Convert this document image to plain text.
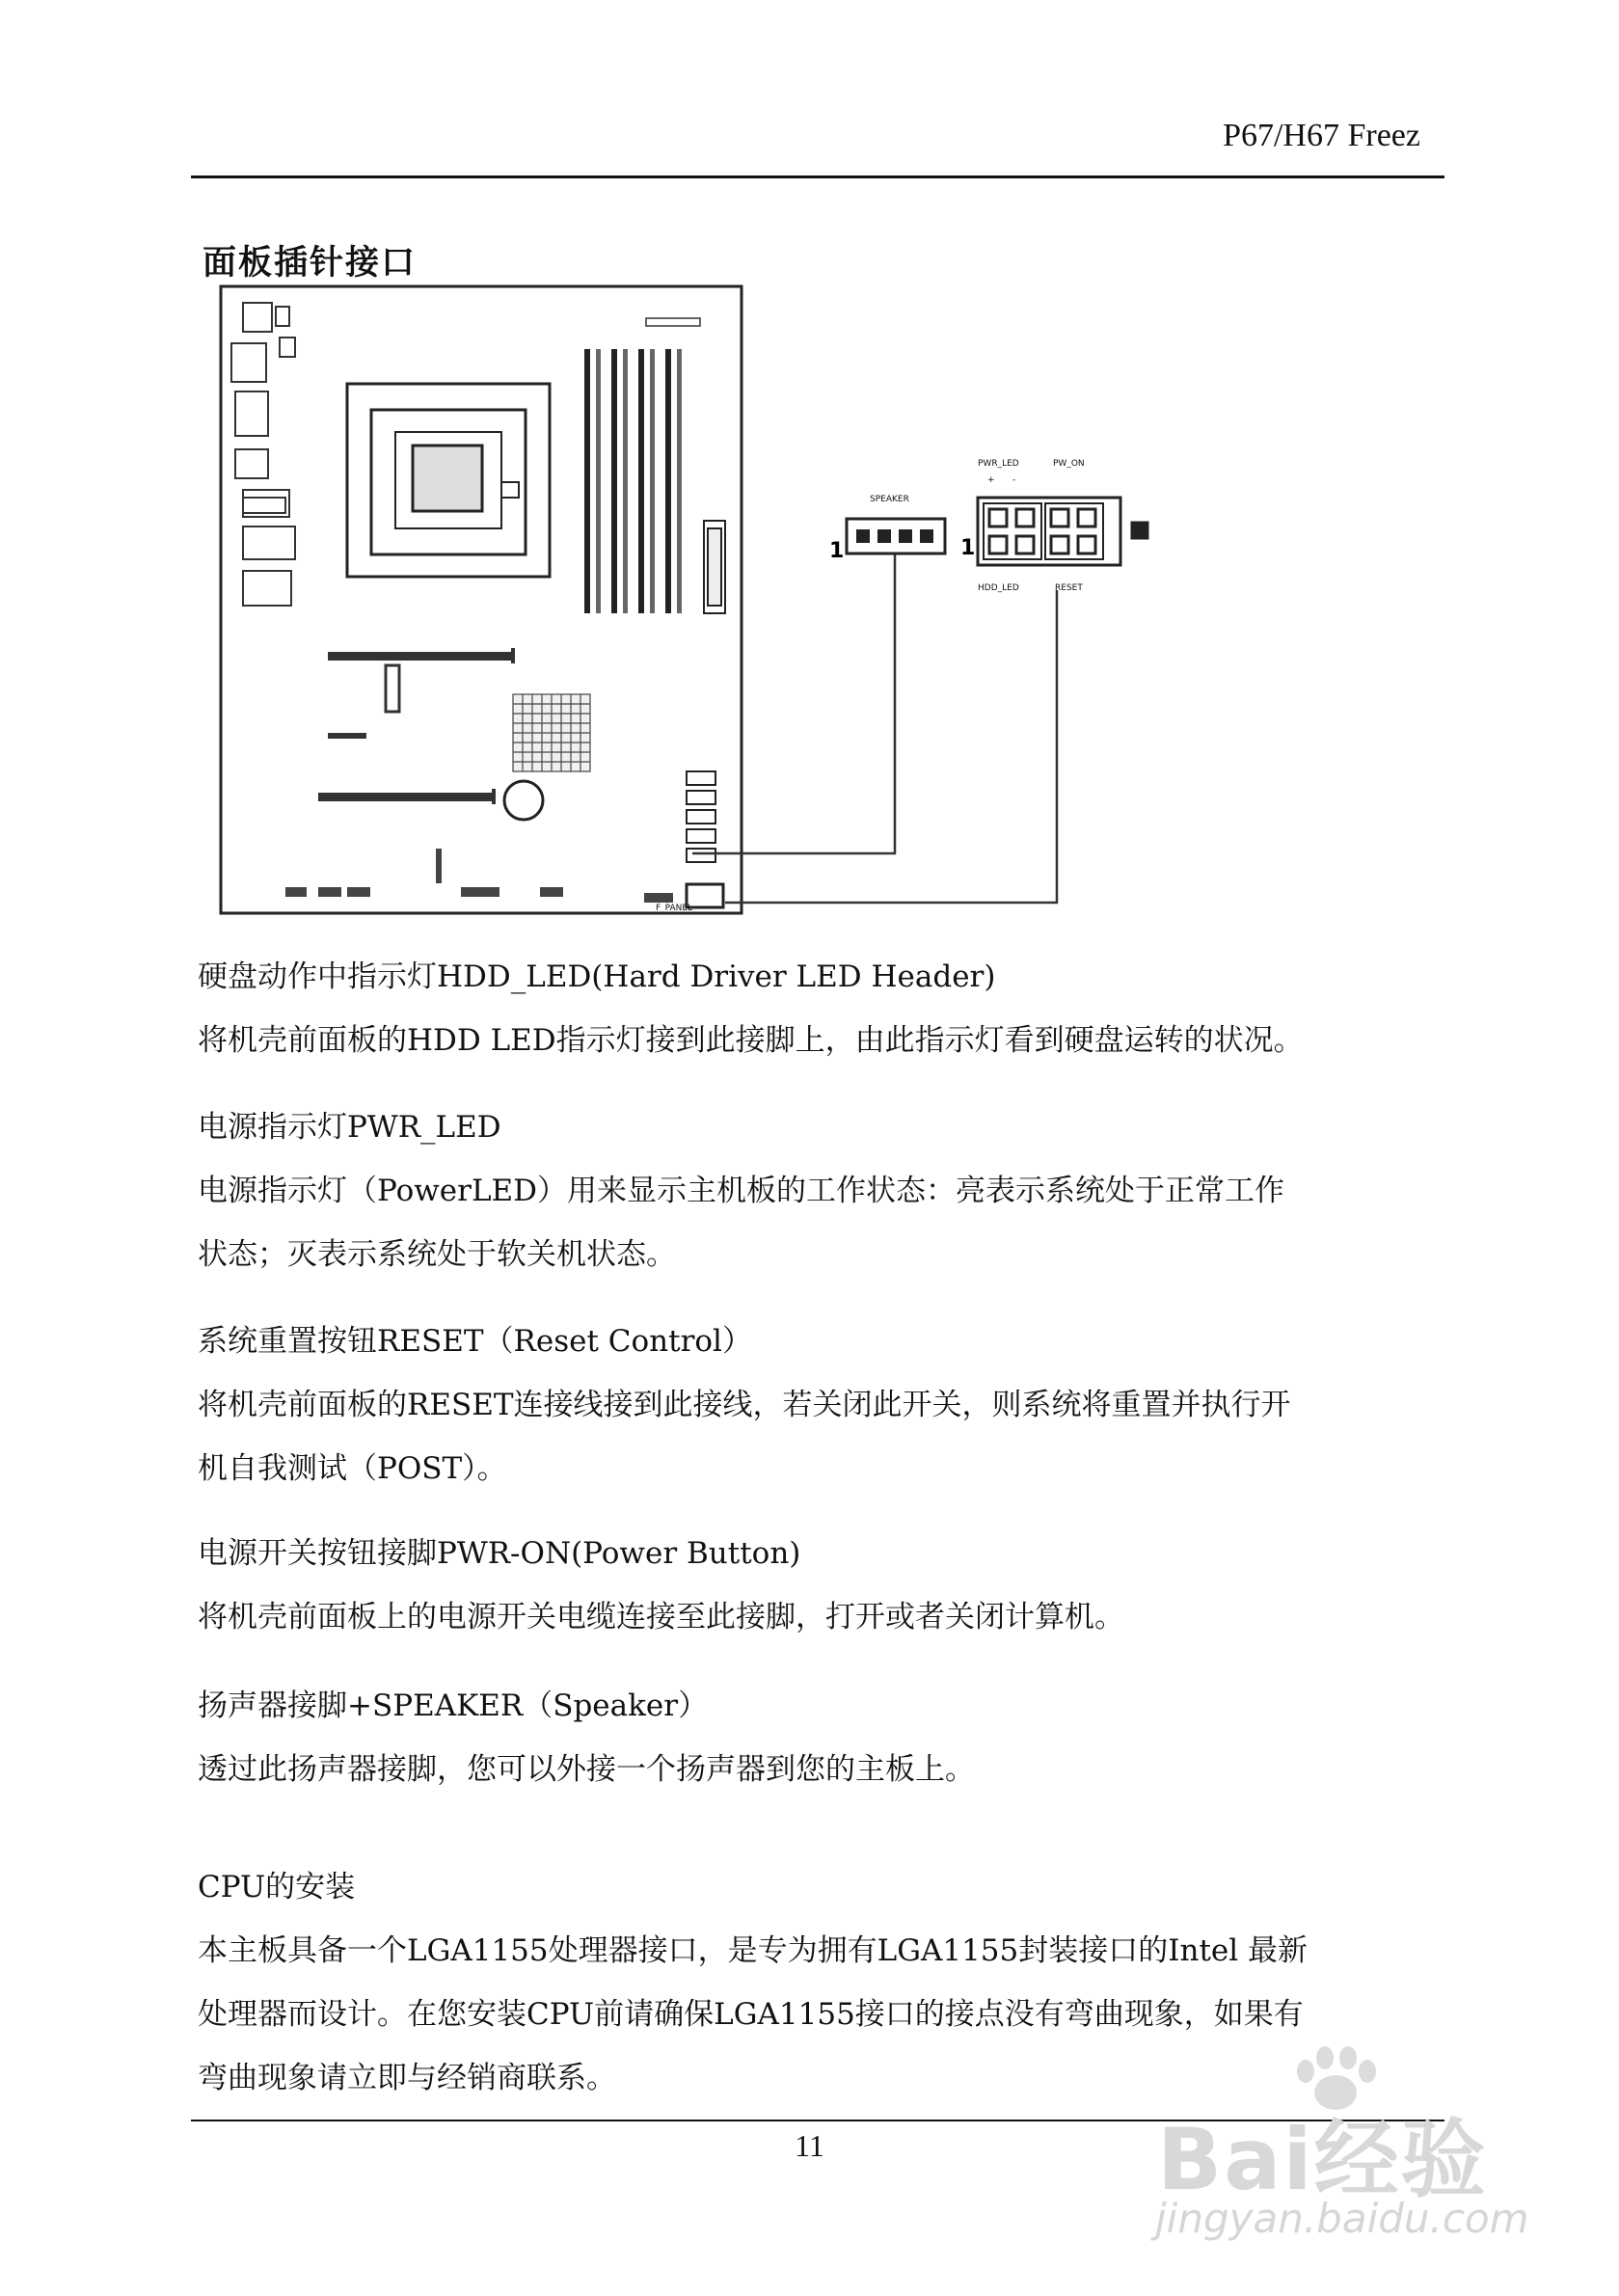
P67/H67 Freez
面板插针接口
F_PANEL
SPEAKER
1
PWR_LED	PW_ON
+ -
1
HDD_LED	RESET
硬盘动作中指示灯HDD_LED(Hard Driver LED Header)
将机壳前面板的HDD LED指示灯接到此接脚上，由此指示灯看到硬盘运转的状况。
电源指示灯PWR_LED
电源指示灯（PowerLED）用来显示主机板的工作状态：亮表示系统处于正常工作
状态；灭表示系统处于软关机状态。
系统重置按钮RESET（Reset Control）
将机壳前面板的RESET连接线接到此接线，若关闭此开关，则系统将重置并执行开
机自我测试（POST）。
电源开关按钮接脚PWR-ON(Power Button)
将机壳前面板上的电源开关电缆连接至此接脚，打开或者关闭计算机。
扬声器接脚+SPEAKER（Speaker）
透过此扬声器接脚，您可以外接一个扬声器到您的主板上。
CPU的安装
本主板具备一个LGA1155处理器接口，是专为拥有LGA1155封装接口的Intel 最新
处理器而设计。在您安装CPU前请确保LGA1155接口的接点没有弯曲现象，如果有
弯曲现象请立即与经销商联系。
11	Bai经验
jingyan.baidu.com
